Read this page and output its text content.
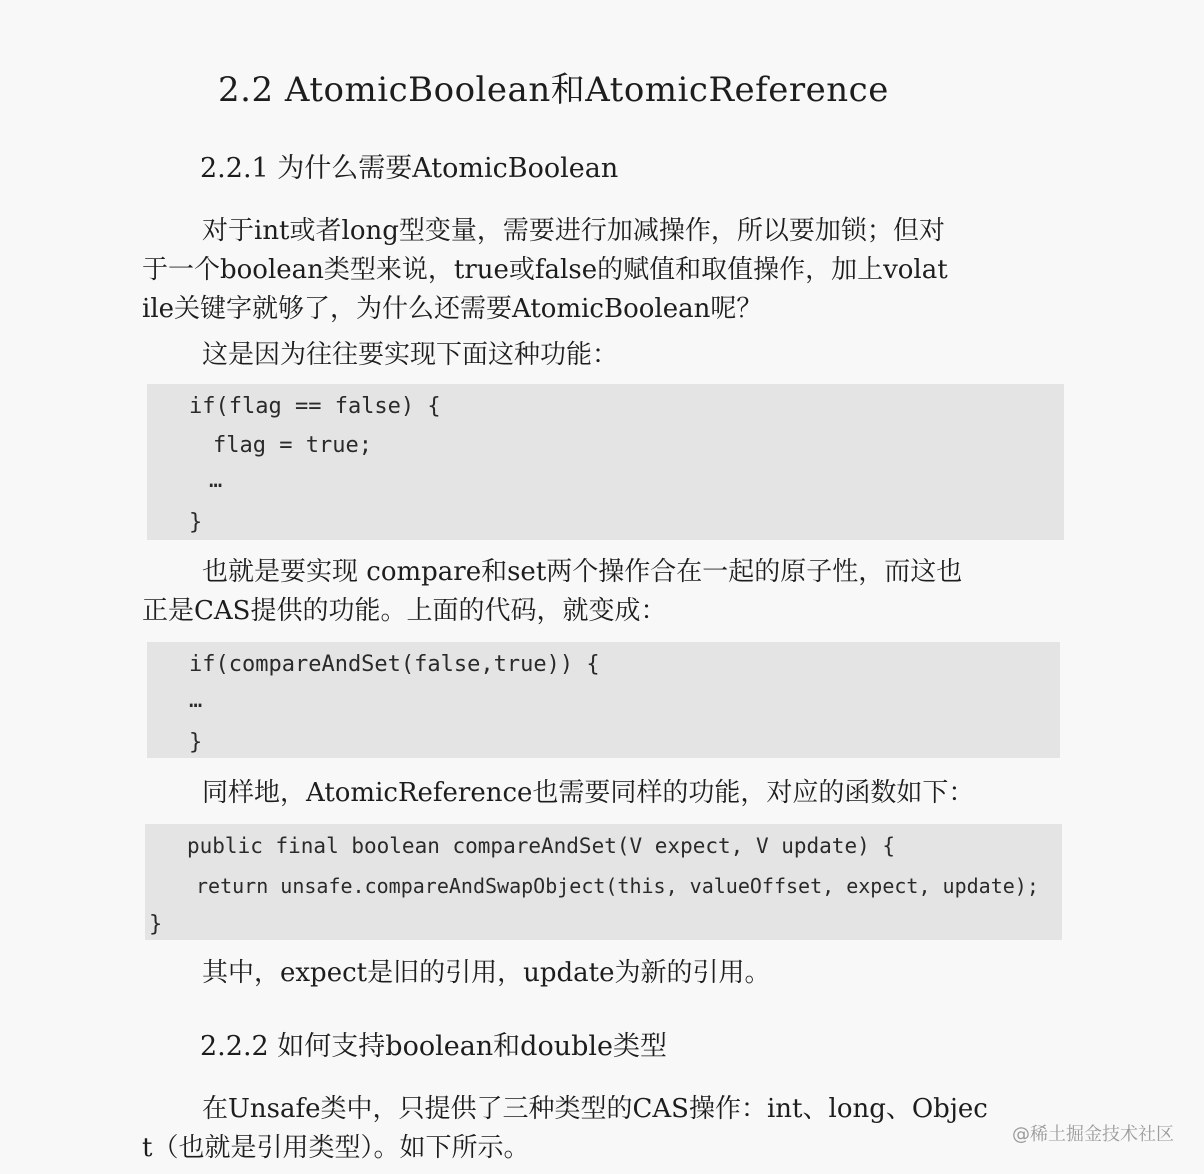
2.2 AtomicBoolean和AtomicReference
2.2.1 为什么需要AtomicBoolean
对于int或者long型变量，需要进行加减操作，所以要加锁；但对
于一个boolean类型来说，true或false的赋值和取值操作，加上volat
ile关键字就够了，为什么还需要AtomicBoolean呢？
这是因为往往要实现下面这种功能：
if(flag == false) {
flag = true;
…
}
也就是要实现 compare和set两个操作合在一起的原子性，而这也
正是CAS提供的功能。上面的代码，就变成：
if(compareAndSet(false,true)) {
…
}
同样地，AtomicReference也需要同样的功能，对应的函数如下：
public final boolean compareAndSet(V expect, V update) {
return unsafe.compareAndSwapObject(this, valueOffset, expect, update);
}
其中，expect是旧的引用，update为新的引用。
2.2.2 如何支持boolean和double类型
在Unsafe类中，只提供了三种类型的CAS操作：int、long、Objec
t（也就是引用类型）。如下所示。	@稀土掘金技术社区
